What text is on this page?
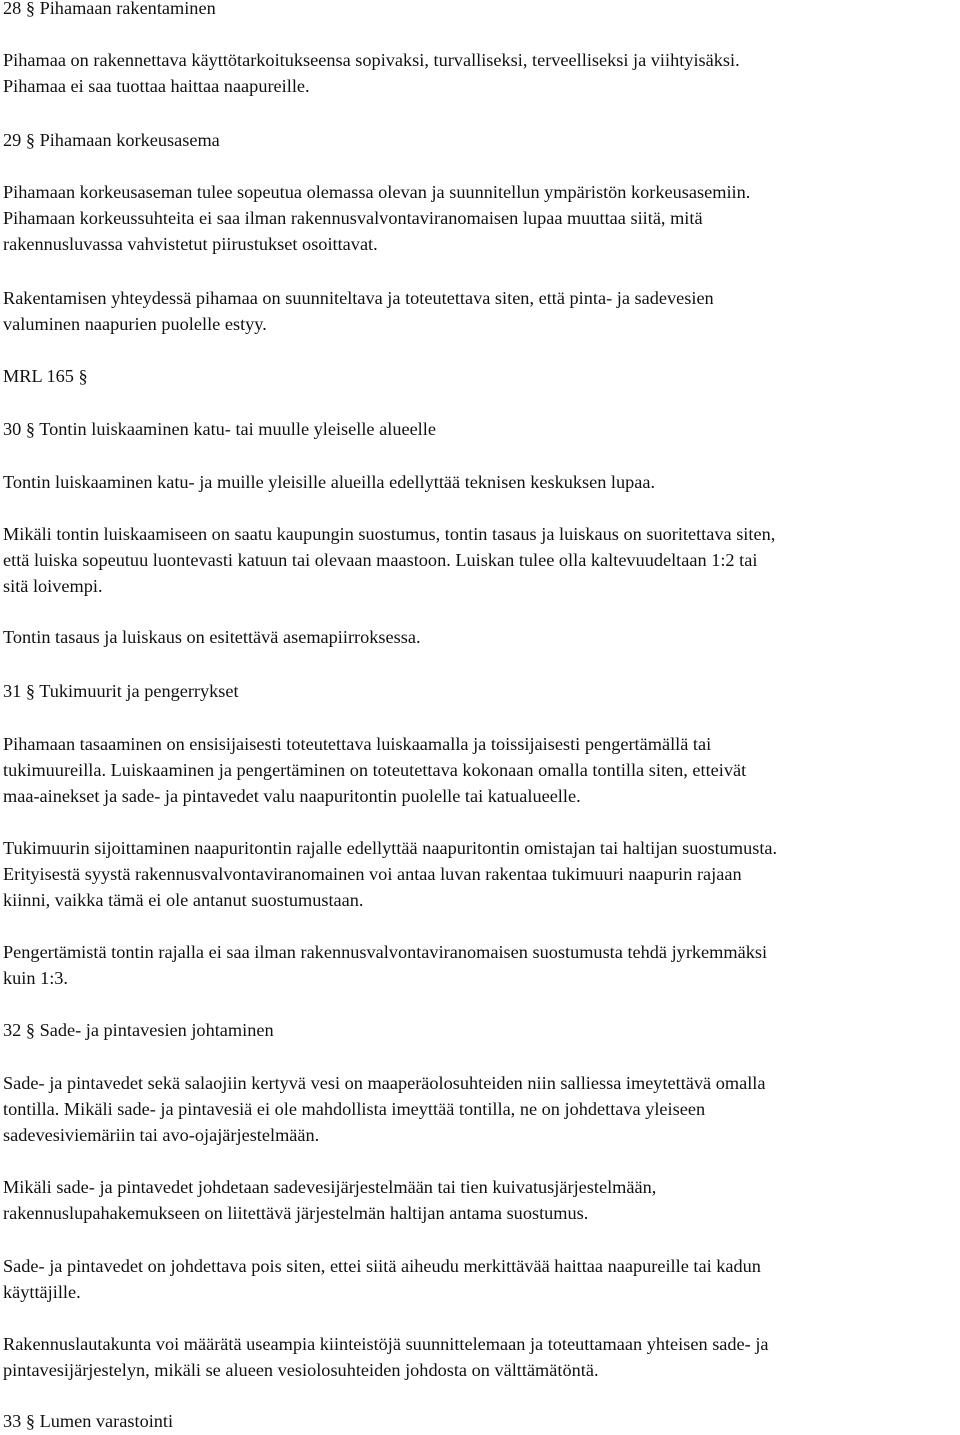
28 § Pihamaan rakentaminen

Pihamaa on rakennettava käyttötarkoitukseensa sopivaksi, turvalliseksi, terveelliseksi ja viihtyisäksi.
Pihamaa ei saa tuottaa haittaa naapureille.

29 § Pihamaan korkeusasema

Pihamaan korkeusaseman tulee sopeutua olemassa olevan ja suunnitellun ympäristön korkeusasemiin.
Pihamaan korkeussuhteita ei saa ilman rakennusvalvontaviranomaisen lupaa muuttaa siitä, mitä
rakennusluvassa vahvistetut piirustukset osoittavat.

Rakentamisen yhteydessä pihamaa on suunniteltava ja toteutettava siten, että pinta- ja sadevesien
valuminen naapurien puolelle estyy.

MRL 165 §

30 § Tontin luiskaaminen katu- tai muulle yleiselle alueelle

Tontin luiskaaminen katu- ja muille yleisille alueilla edellyttää teknisen keskuksen lupaa.

Mikäli tontin luiskaamiseen on saatu kaupungin suostumus, tontin tasaus ja luiskaus on suoritettava siten,
että luiska sopeutuu luontevasti katuun tai olevaan maastoon. Luiskan tulee olla kaltevuudeltaan 1:2 tai
sitä loivempi.

Tontin tasaus ja luiskaus on esitettävä asemapiirroksessa.

31 § Tukimuurit ja pengerrykset

Pihamaan tasaaminen on ensisijaisesti toteutettava luiskaamalla ja toissijaisesti pengertämällä tai
tukimuureilla. Luiskaaminen ja pengertäminen on toteutettava kokonaan omalla tontilla siten, etteivät
maa-ainekset ja sade- ja pintavedet valu naapuritontin puolelle tai katualueelle.

Tukimuurin sijoittaminen naapuritontin rajalle edellyttää naapuritontin omistajan tai haltijan suostumusta.
Erityisestä syystä rakennusvalvontaviranomainen voi antaa luvan rakentaa tukimuuri naapurin rajaan
kiinni, vaikka tämä ei ole antanut suostumustaan.

Pengertämistä tontin rajalla ei saa ilman rakennusvalvontaviranomaisen suostumusta tehdä jyrkemmäksi
kuin 1:3.

32 § Sade- ja pintavesien johtaminen

Sade- ja pintavedet sekä salaojiin kertyvä vesi on maaperäolosuhteiden niin salliessa imeytettävä omalla
tontilla. Mikäli sade- ja pintavesiä ei ole mahdollista imeyttää tontilla, ne on johdettava yleiseen
sadevesiviemäriin tai avo-ojajärjestelmään.

Mikäli sade- ja pintavedet johdetaan sadevesijärjestelmään tai tien kuivatusjärjestelmään,
rakennuslupahakemukseen on liitettävä järjestelmän haltijan antama suostumus.

Sade- ja pintavedet on johdettava pois siten, ettei siitä aiheudu merkittävää haittaa naapureille tai kadun
käyttäjille.

Rakennuslautakunta voi määrätä useampia kiinteistöjä suunnittelemaan ja toteuttamaan yhteisen sade- ja
pintavesijärjestelyn, mikäli se alueen vesiolosuhteiden johdosta on välttämätöntä.

33 § Lumen varastointi
